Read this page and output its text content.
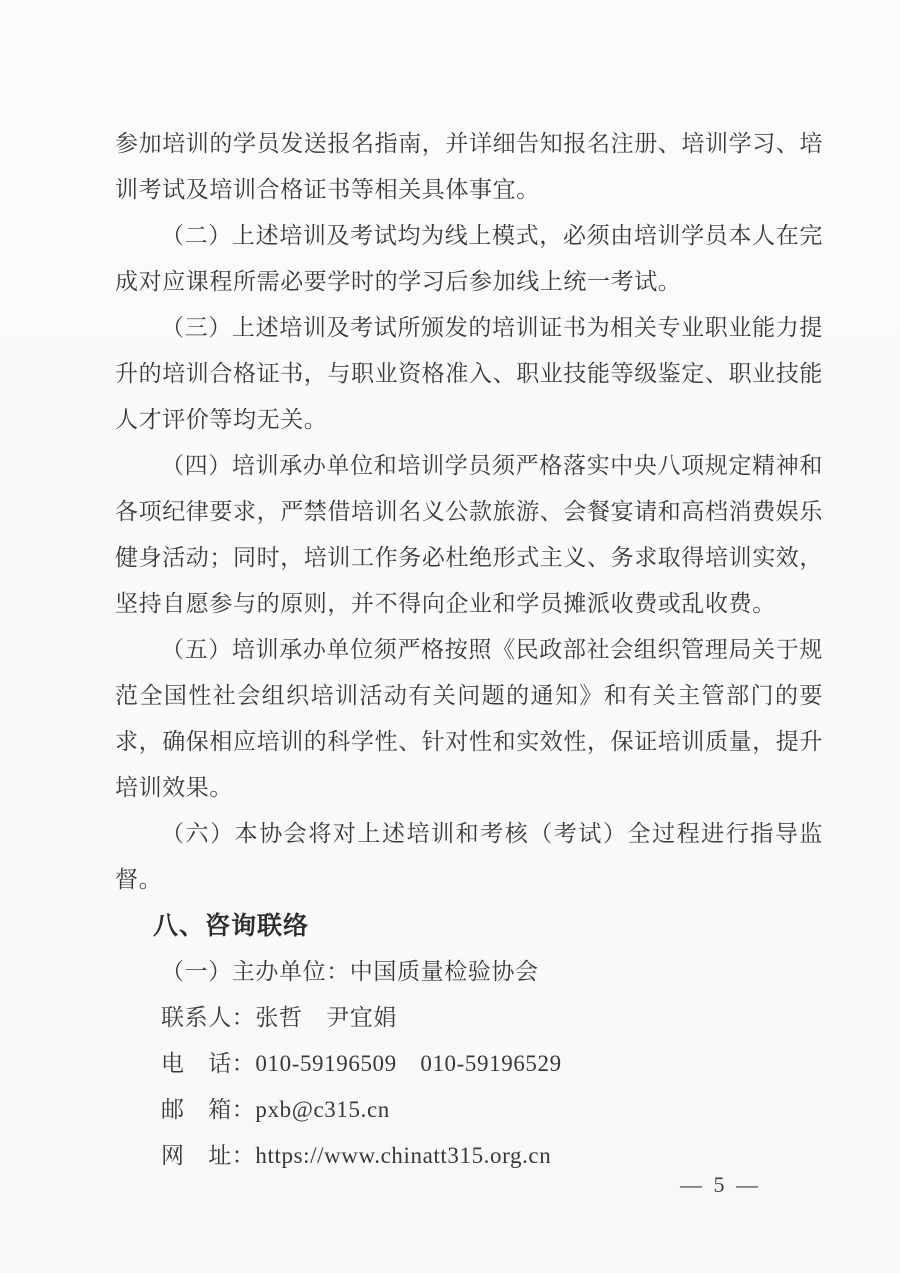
参加培训的学员发送报名指南，并详细告知报名注册、培训学习、培训考试及培训合格证书等相关具体事宜。

（二）上述培训及考试均为线上模式，必须由培训学员本人在完成对应课程所需必要学时的学习后参加线上统一考试。

（三）上述培训及考试所颁发的培训证书为相关专业职业能力提升的培训合格证书，与职业资格准入、职业技能等级鉴定、职业技能人才评价等均无关。

（四）培训承办单位和培训学员须严格落实中央八项规定精神和各项纪律要求，严禁借培训名义公款旅游、会餐宴请和高档消费娱乐健身活动；同时，培训工作务必杜绝形式主义、务求取得培训实效，坚持自愿参与的原则，并不得向企业和学员摊派收费或乱收费。

（五）培训承办单位须严格按照《民政部社会组织管理局关于规范全国性社会组织培训活动有关问题的通知》和有关主管部门的要求，确保相应培训的科学性、针对性和实效性，保证培训质量，提升培训效果。

（六）本协会将对上述培训和考核（考试）全过程进行指导监督。

八、咨询联络

（一）主办单位：中国质量检验协会

联系人：张哲　尹宜娟

电　话：010-59196509　010-59196529

邮　箱：pxb@c315.cn

网　址：https://www.chinatt315.org.cn

— 5 —
